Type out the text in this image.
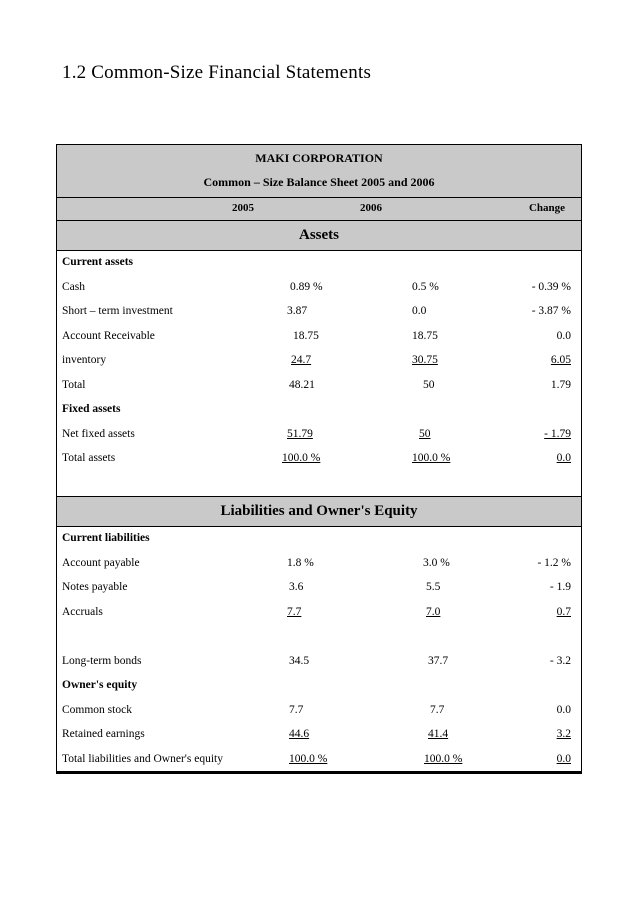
1.2 Common-Size Financial Statements
MAKI CORPORATION
Common – Size Balance Sheet 2005 and 2006
2005	2006	Change
Assets
Current assets
Cash	0.89 %	0.5 %	- 0.39 %
Short – term investment	3.87	0.0	- 3.87 %
Account Receivable	18.75	18.75	0.0
inventory	24.7	30.75	6.05
Total	48.21	50	1.79
Fixed assets
Net fixed assets	51.79	50	- 1.79
Total assets	100.0 %	100.0 %	0.0
Liabilities and Owner's Equity
Current liabilities
Account payable	1.8 %	3.0 %	- 1.2 %
Notes payable	3.6	5.5	- 1.9
Accruals	7.7	7.0	0.7
Long-term bonds	34.5	37.7	- 3.2
Owner's equity
Common stock	7.7	7.7	0.0
Retained earnings	44.6	41.4	3.2
Total liabilities and Owner's equity	100.0 %	100.0 %	0.0
